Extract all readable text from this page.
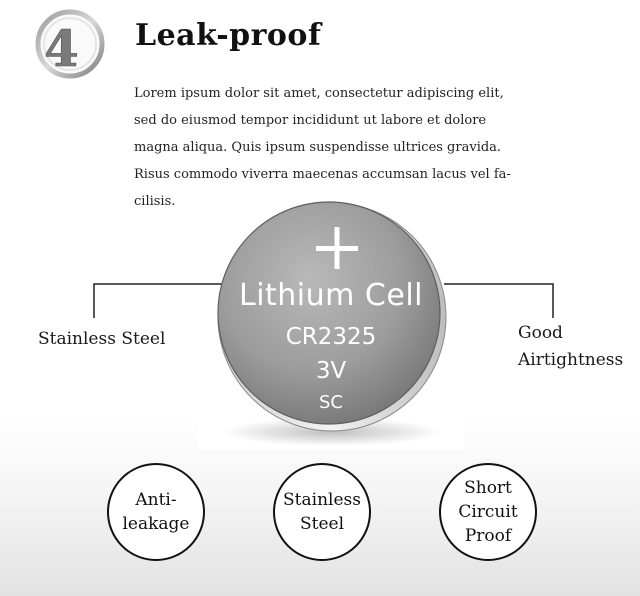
4 Leak-proof
Lorem ipsum dolor sit amet, consectetur adipiscing elit,
sed do eiusmod tempor incididunt ut labore et dolore
magna aliqua. Quis ipsum suspendisse ultrices gravida.
Risus commodo viverra maecenas accumsan lacus vel fa-
cilisis.
Stainless Steel	Good
Airtightness
Lithium Cell
CR2325
3V
SC
Anti-
leakage
Stainless
Steel
Short
Circuit
Proof
